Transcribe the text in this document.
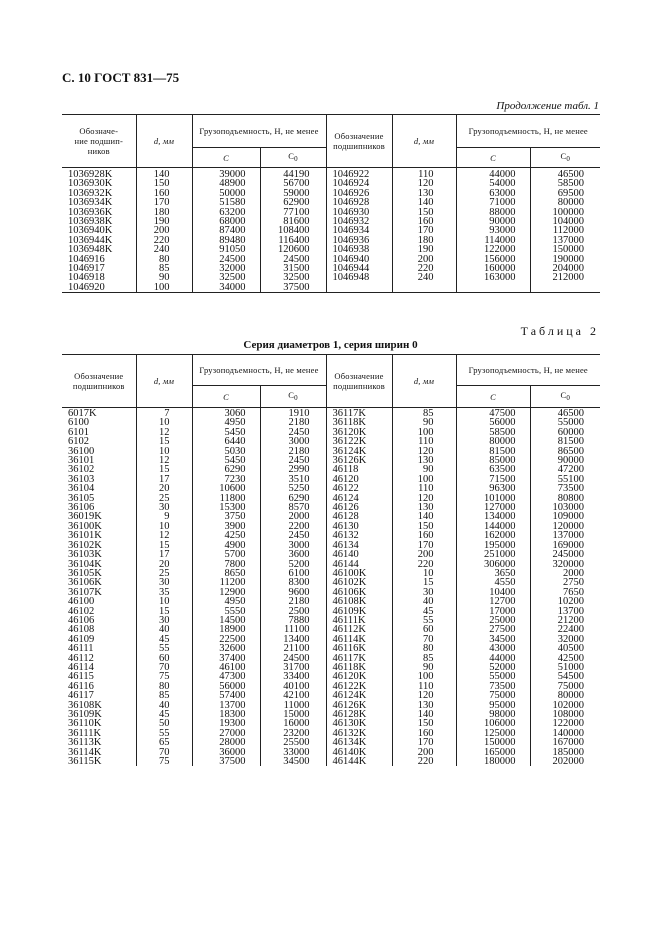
С. 10 ГОСТ 831—75
Продолжение табл. 1
Обозначе-
ние подшип-
ников	d, мм	Грузоподъемность, Н, не менее		Обозначение подшипников	d, мм	Грузоподъемность, Н, не менее	
		C	$C_0$			C	$C_0$
1036928K	140	39000	44190	1046922	110	44000	46500
1036930K	150	48900	56700	1046924	120	54000	58500
1036932K	160	50000	59000	1046926	130	63000	69500
1036934K	170	51580	62900	1046928	140	71000	80000
1036936K	180	63200	77100	1046930	150	88000	100000
1036938K	190	68000	81600	1046932	160	90000	104000
1036940K	200	87400	108400	1046934	170	93000	112000
1036944K	220	89480	116400	1046936	180	114000	137000
1036948K	240	91050	120600	1046938	190	122000	150000
1046916	80	24500	24500	1046940	200	156000	190000
1046917	85	32000	31500	1046944	220	160000	204000
1046918	90	32500	32500	1046948	240	163000	212000
1046920	100	34000	37500				
Таблица 2
Серия диаметров 1, серия ширин 0
Обозначение подшипников	d, мм	Грузоподъемность, Н, не менее		Обозначение подшипников	d, мм	Грузоподъемность, Н, не менее	
		C	$C_0$			C	$C_0$
6017K	7	3060	1910	36117K	85	47500	46500
6100	10	4950	2180	36118K	90	56000	55000
6101	12	5450	2450	36120K	100	58500	60000
6102	15	6440	3000	36122K	110	80000	81500
36100	10	5030	2180	36124K	120	81500	86500
36101	12	5450	2450	36126K	130	85000	90000
36102	15	6290	2990	46118	90	63500	47200
36103	17	7230	3510	46120	100	71500	55100
36104	20	10600	5250	46122	110	96300	73500
36105	25	11800	6290	46124	120	101000	80800
36106	30	15300	8570	46126	130	127000	103000
36019K	9	3750	2000	46128	140	134000	109000
36100K	10	3900	2200	46130	150	144000	120000
36101K	12	4250	2450	46132	160	162000	137000
36102K	15	4900	3000	46134	170	195000	169000
36103K	17	5700	3600	46140	200	251000	245000
36104K	20	7800	5200	46144	220	306000	320000
36105K	25	8650	6100	46100K	10	3650	2000
36106K	30	11200	8300	46102K	15	4550	2750
36107K	35	12900	9600	46106K	30	10400	7650
46100	10	4950	2180	46108K	40	12700	10200
46102	15	5550	2500	46109K	45	17000	13700
46106	30	14500	7880	46111K	55	25000	21200
46108	40	18900	11100	46112K	60	27500	22400
46109	45	22500	13400	46114K	70	34500	32000
46111	55	32600	21100	46116K	80	43000	40500
46112	60	37400	24500	46117K	85	44000	42500
46114	70	46100	31700	46118K	90	52000	51000
46115	75	47300	33400	46120K	100	55000	54500
46116	80	56000	40100	46122K	110	73500	75000
46117	85	57400	42100	46124K	120	75000	80000
36108K	40	13700	11000	46126K	130	95000	102000
36109K	45	18300	15000	46128K	140	98000	108000
36110K	50	19300	16000	46130K	150	106000	122000
36111K	55	27000	23200	46132K	160	125000	140000
36113K	65	28000	25500	46134K	170	150000	167000
36114K	70	36000	33000	46140K	200	165000	185000
36115K	75	37500	34500	46144K	220	180000	202000
